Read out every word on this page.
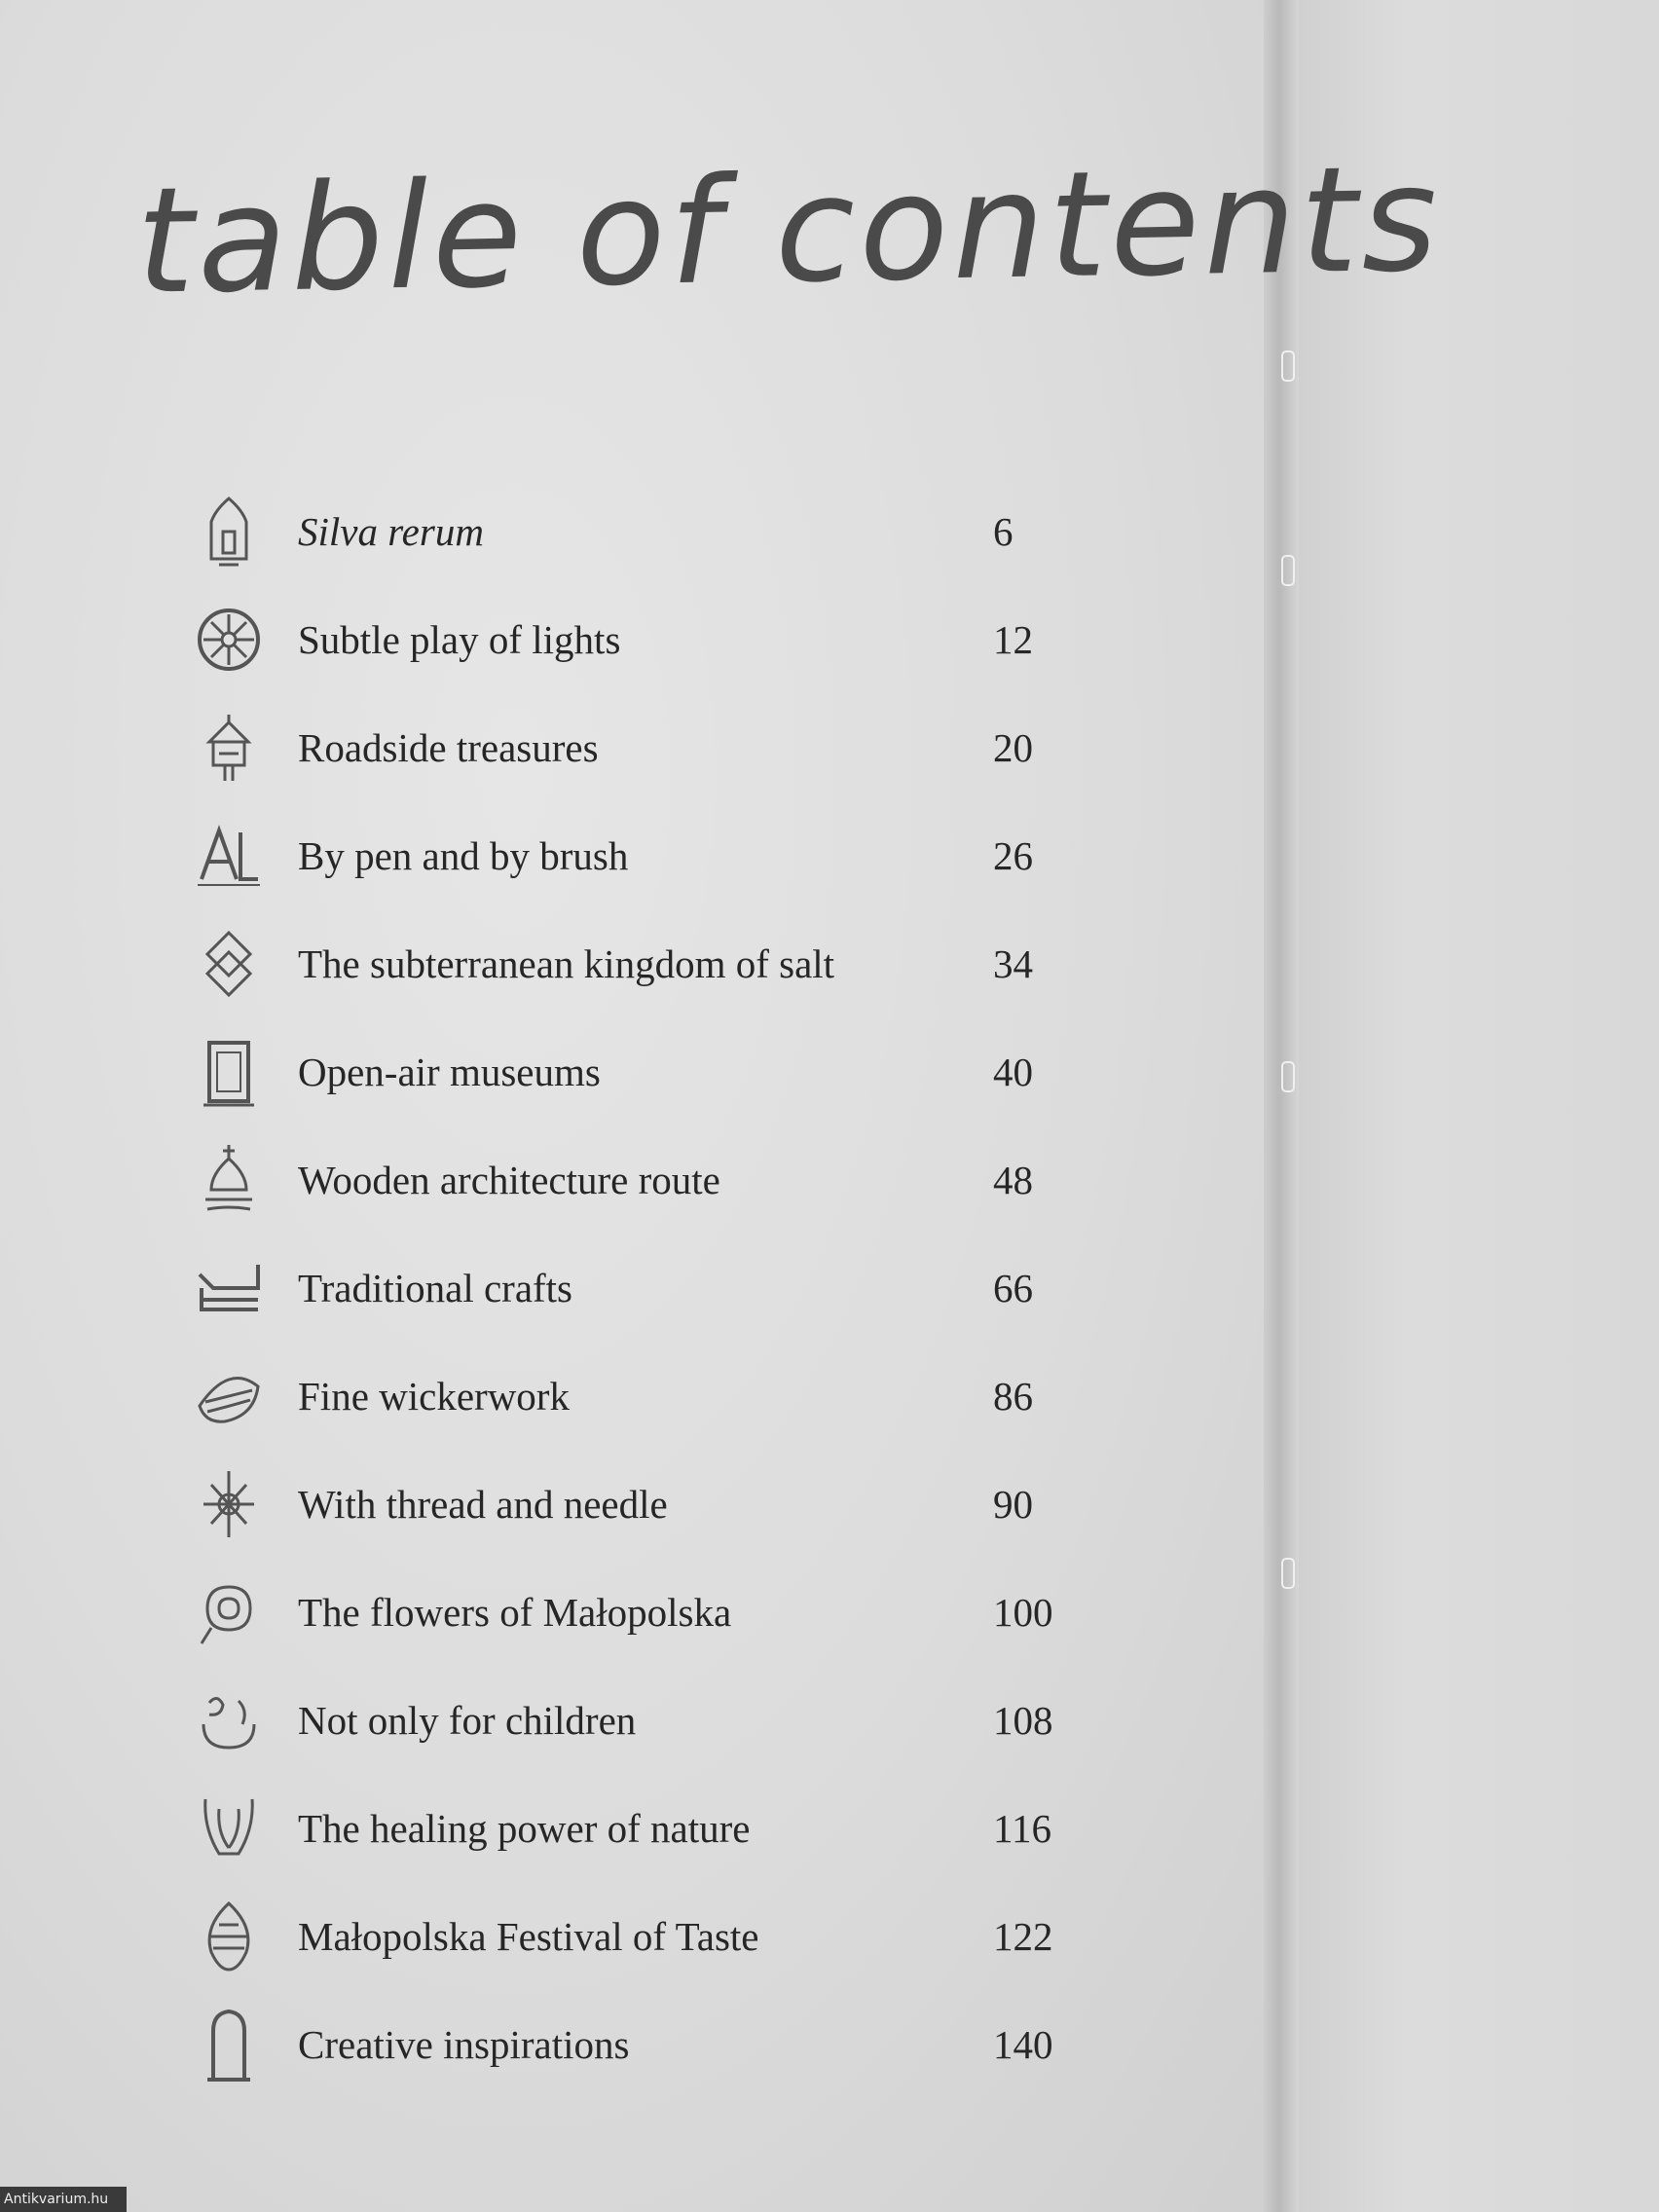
table of contents
Silva rerum	6
Subtle play of lights	12
Roadside treasures	20
By pen and by brush	26
The subterranean kingdom of salt	34
Open-air museums	40
Wooden architecture route	48
Traditional crafts	66
Fine wickerwork	86
With thread and needle	90
The flowers of Małopolska	100
Not only for children	108
The healing power of nature	116
Małopolska Festival of Taste	122
Creative inspirations	140
Antikvarium.hu
